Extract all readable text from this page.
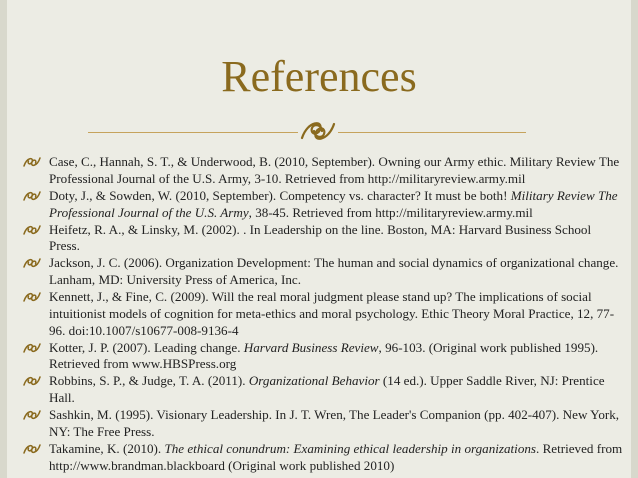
References
Case, C., Hannah, S. T., & Underwood, B. (2010, September). Owning our Army ethic. Military Review The Professional Journal of the U.S. Army, 3-10. Retrieved from http://militaryreview.army.mil
Doty, J., & Sowden, W. (2010, September). Competency vs. character? It must be both! Military Review The Professional Journal of the U.S. Army, 38-45. Retrieved from http://militaryreview.army.mil
Heifetz, R. A., & Linsky, M. (2002). . In Leadership on the line. Boston, MA: Harvard Business School Press.
Jackson, J. C. (2006). Organization Development: The human and social dynamics of organizational change. Lanham, MD: University Press of America, Inc.
Kennett, J., & Fine, C. (2009). Will the real moral judgment please stand up? The implications of social intuitionist models of cognition for meta-ethics and moral psychology. Ethic Theory Moral Practice, 12, 77-96. doi:10.1007/s10677-008-9136-4
Kotter, J. P. (2007). Leading change. Harvard Business Review, 96-103. (Original work published 1995). Retrieved from www.HBSPress.org
Robbins, S. P., & Judge, T. A. (2011). Organizational Behavior (14 ed.). Upper Saddle River, NJ: Prentice Hall.
Sashkin, M. (1995). Visionary Leadership. In J. T. Wren, The Leader's Companion (pp. 402-407). New York, NY: The Free Press.
Takamine, K. (2010). The ethical conundrum: Examining ethical leadership in organizations. Retrieved from http://www.brandman.blackboard (Original work published 2010)
